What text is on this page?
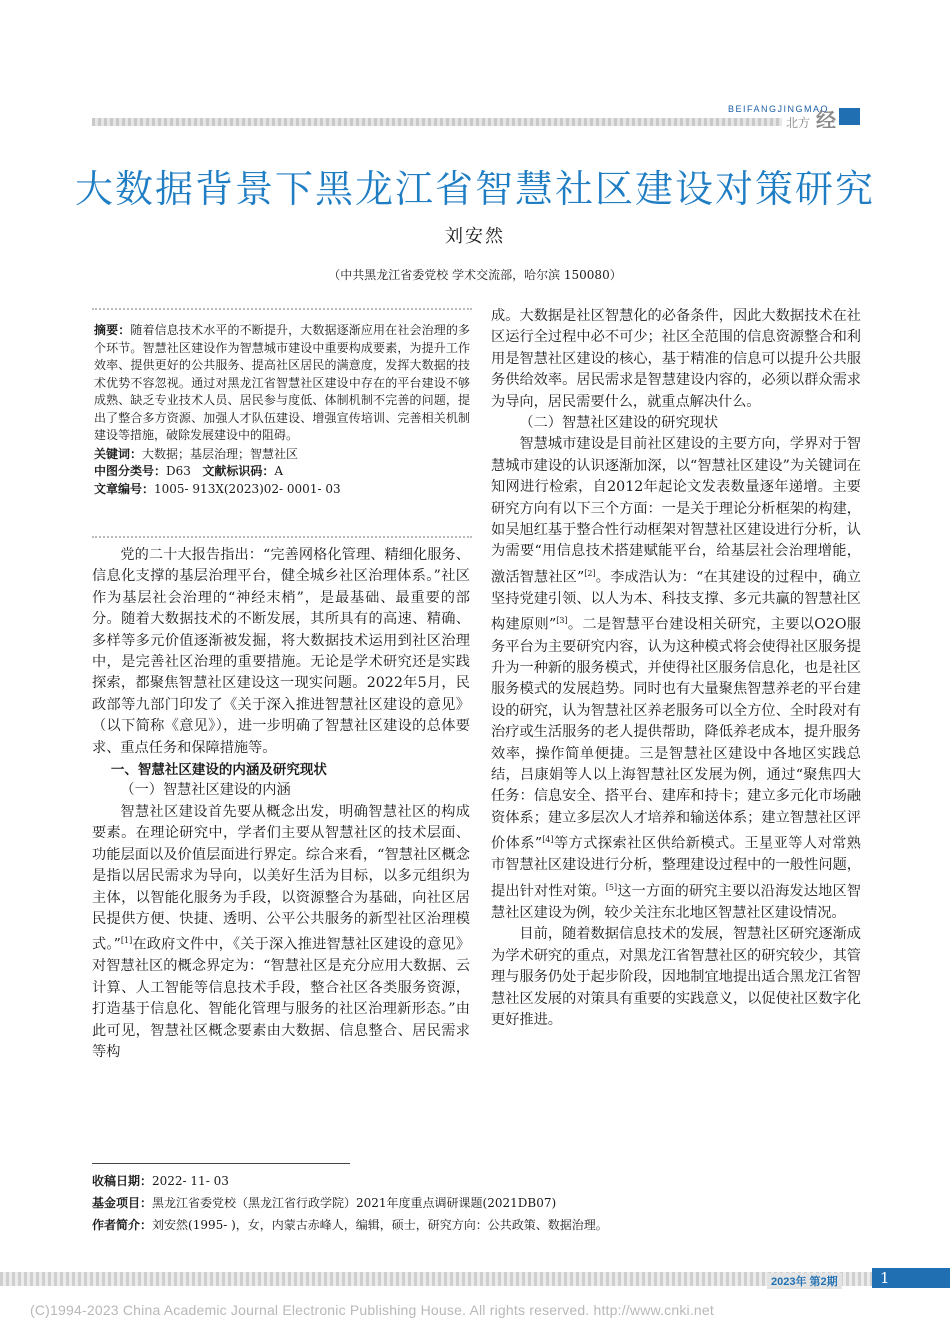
BEIFANGJINGMAO
北方 经
大数据背景下黑龙江省智慧社区建设对策研究
刘安然
（中共黑龙江省委党校 学术交流部，哈尔滨 150080）

摘要：随着信息技术水平的不断提升，大数据逐渐应用在社会治理的多个环节。智慧社区建设作为智慧城市建设中重要构成要素，为提升工作效率、提供更好的公共服务、提高社区居民的满意度，发挥大数据的技术优势不容忽视。通过对黑龙江省智慧社区建设中存在的平台建设不够成熟、缺乏专业技术人员、居民参与度低、体制机制不完善的问题，提出了整合多方资源、加强人才队伍建设、增强宣传培训、完善相关机制建设等措施，破除发展建设中的阻碍。

关键词：大数据；基层治理；智慧社区

中图分类号：D63 文献标识码：A

文章编号：1005- 913X(2023)02- 0001- 03

党的二十大报告指出：“完善网格化管理、精细化服务、信息化支撑的基层治理平台，健全城乡社区治理体系。”社区作为基层社会治理的“神经末梢”，是最基础、最重要的部分。随着大数据技术的不断发展，其所具有的高速、精确、多样等多元价值逐渐被发掘，将大数据技术运用到社区治理中，是完善社区治理的重要措施。无论是学术研究还是实践探索，都聚焦智慧社区建设这一现实问题。2022年5月，民政部等九部门印发了《关于深入推进智慧社区建设的意见》（以下简称《意见》），进一步明确了智慧社区建设的总体要求、重点任务和保障措施等。

一、智慧社区建设的内涵及研究现状

（一）智慧社区建设的内涵

智慧社区建设首先要从概念出发，明确智慧社区的构成要素。在理论研究中，学者们主要从智慧社区的技术层面、功能层面以及价值层面进行界定。综合来看，“智慧社区概念是指以居民需求为导向，以美好生活为目标，以多元组织为主体，以智能化服务为手段，以资源整合为基础，向社区居民提供方便、快捷、透明、公平公共服务的新型社区治理模式。”[1]在政府文件中，《关于深入推进智慧社区建设的意见》对智慧社区的概念界定为：“智慧社区是充分应用大数据、云计算、人工智能等信息技术手段，整合社区各类服务资源，打造基于信息化、智能化管理与服务的社区治理新形态。”由此可见，智慧社区概念要素由大数据、信息整合、居民需求等构

成。大数据是社区智慧化的必备条件，因此大数据技术在社区运行全过程中必不可少；社区全范围的信息资源整合和利用是智慧社区建设的核心，基于精准的信息可以提升公共服务供给效率。居民需求是智慧建设内容的，必须以群众需求为导向，居民需要什么，就重点解决什么。

（二）智慧社区建设的研究现状

智慧城市建设是目前社区建设的主要方向，学界对于智慧城市建设的认识逐渐加深，以“智慧社区建设”为关键词在知网进行检索，自2012年起论文发表数量逐年递增。主要研究方向有以下三个方面：一是关于理论分析框架的构建，如吴旭红基于整合性行动框架对智慧社区建设进行分析，认为需要“用信息技术搭建赋能平台，给基层社会治理增能，激活智慧社区”[2]。李成浩认为：“在其建设的过程中，确立坚持党建引领、以人为本、科技支撑、多元共赢的智慧社区构建原则”[3]。二是智慧平台建设相关研究，主要以O2O服务平台为主要研究内容，认为这种模式将会使得社区服务提升为一种新的服务模式，并使得社区服务信息化，也是社区服务模式的发展趋势。同时也有大量聚焦智慧养老的平台建设的研究，认为智慧社区养老服务可以全方位、全时段对有治疗或生活服务的老人提供帮助，降低养老成本，提升服务效率，操作简单便捷。三是智慧社区建设中各地区实践总结，吕康娟等人以上海智慧社区发展为例，通过“聚焦四大任务：信息安全、搭平台、建库和持卡；建立多元化市场融资体系；建立多层次人才培养和输送体系；建立智慧社区评价体系”[4]等方式探索社区供给新模式。王星亚等人对常熟市智慧社区建设进行分析，整理建设过程中的一般性问题，提出针对性对策。[5]这一方面的研究主要以沿海发达地区智慧社区建设为例，较少关注东北地区智慧社区建设情况。

目前，随着数据信息技术的发展，智慧社区研究逐渐成为学术研究的重点，对黑龙江省智慧社区的研究较少，其管理与服务仍处于起步阶段，因地制宜地提出适合黑龙江省智慧社区发展的对策具有重要的实践意义，以促使社区数字化更好推进。

收稿日期：2022- 11- 03
基金项目：黑龙江省委党校（黑龙江省行政学院）2021年度重点调研课题(2021DB07)
作者简介：刘安然(1995- )，女，内蒙古赤峰人，编辑，硕士，研究方向：公共政策、数据治理。
2023年 第2期	1
(C)1994-2023 China Academic Journal Electronic Publishing House. All rights reserved. http://www.cnki.net
